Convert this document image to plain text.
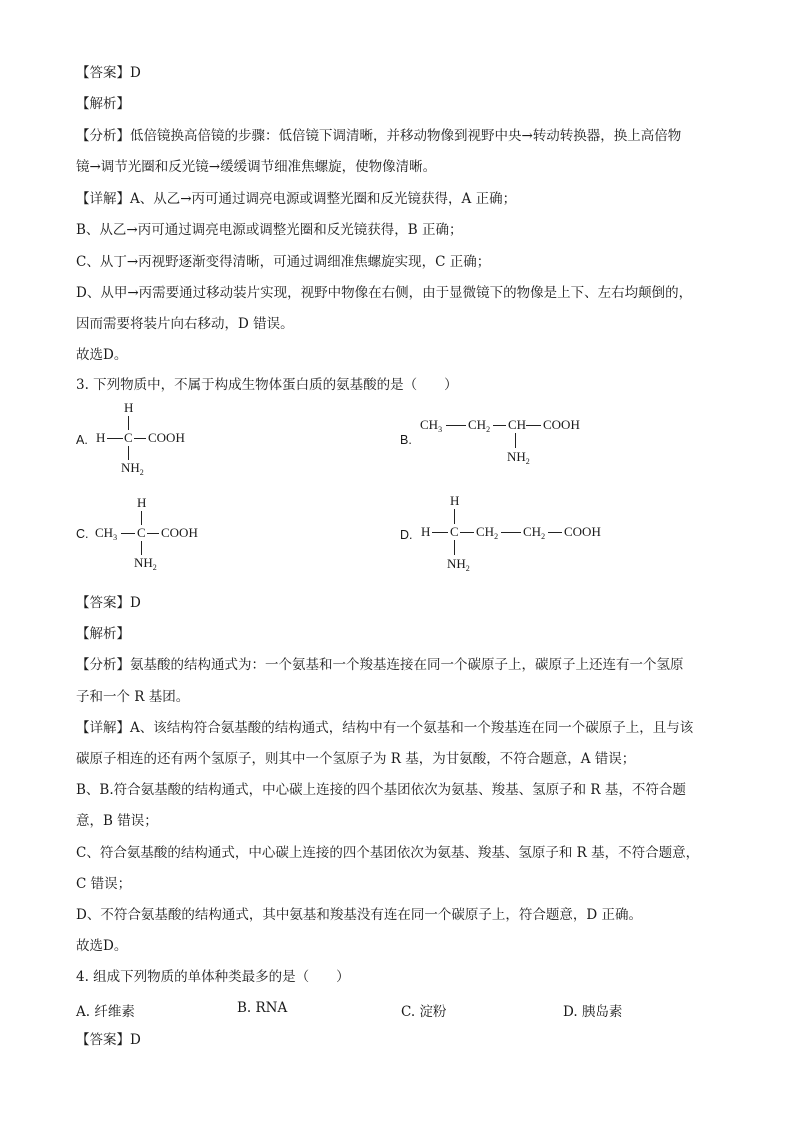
【答案】D
【解析】
【分析】低倍镜换高倍镜的步骤：低倍镜下调清晰，并移动物像到视野中央→转动转换器，换上高倍物
镜→调节光圈和反光镜→缓缓调节细准焦螺旋，使物像清晰。
【详解】A、从乙→丙可通过调亮电源或调整光圈和反光镜获得，A 正确；
B、从乙→丙可通过调亮电源或调整光圈和反光镜获得，B 正确；
C、从丁→丙视野逐渐变得清晰，可通过调细准焦螺旋实现，C 正确；
D、从甲→丙需要通过移动装片实现，视野中物像在右侧，由于显微镜下的物像是上下、左右均颠倒的，
因而需要将装片向右移动，D 错误。
故选D。
3. 下列物质中，不属于构成生物体蛋白质的氨基酸的是（　　）
A.
H
H C COOH
$NH_2$
B.
$CH_3$ $CH_2$ CH COOH
$NH_2$
C.
H
$CH_3$ C COOH
$NH_2$
D.
H
H C $CH_2$ $CH_2$ COOH
$NH_2$
【答案】D
【解析】
【分析】氨基酸的结构通式为：一个氨基和一个羧基连接在同一个碳原子上，碳原子上还连有一个氢原
子和一个 R 基团。
【详解】A、该结构符合氨基酸的结构通式，结构中有一个氨基和一个羧基连在同一个碳原子上，且与该
碳原子相连的还有两个氢原子，则其中一个氢原子为 R 基，为甘氨酸，不符合题意，A 错误；
B、B.符合氨基酸的结构通式，中心碳上连接的四个基团依次为氨基、羧基、氢原子和 R 基，不符合题
意，B 错误；
C、符合氨基酸的结构通式，中心碳上连接的四个基团依次为氨基、羧基、氢原子和 R 基，不符合题意，
C 错误；
D、不符合氨基酸的结构通式，其中氨基和羧基没有连在同一个碳原子上，符合题意，D 正确。
故选D。
4. 组成下列物质的单体种类最多的是（　　）
A. 纤维素	B. RNA	C. 淀粉	D. 胰岛素
【答案】D
